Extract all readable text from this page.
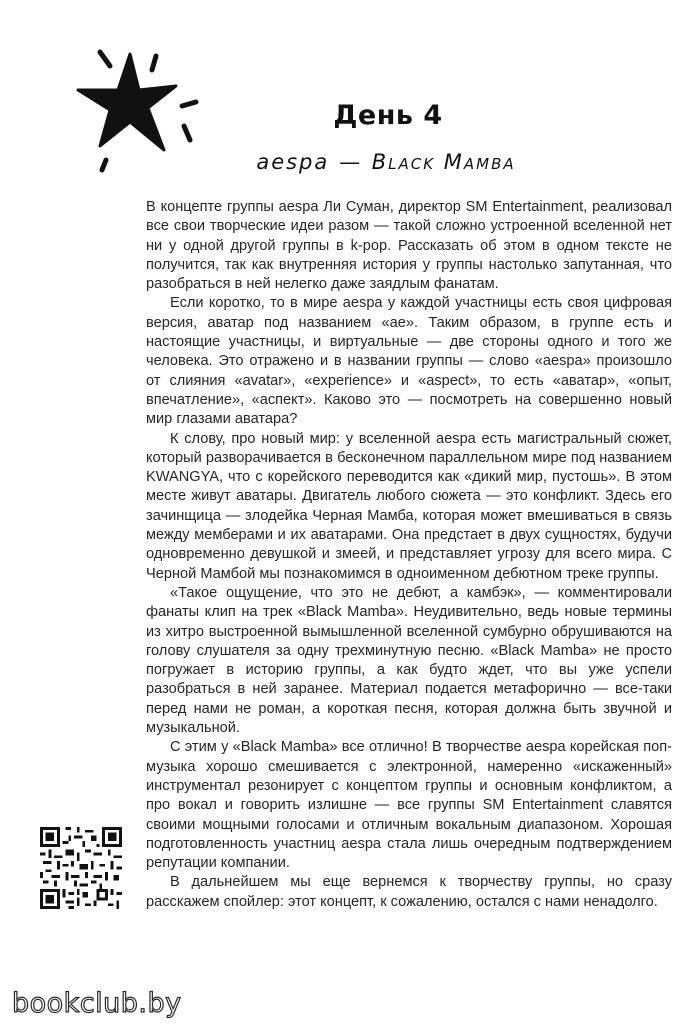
День 4
aespa — Black Mamba

В концепте группы aespa Ли Суман, директор SM Entertainment, реализовал все свои творческие идеи разом — такой сложно устроенной вселенной нет ни у одной другой группы в k-pop. Рассказать об этом в одном тексте не получится, так как внутренняя история у группы настолько запутанная, что разобраться в ней нелегко даже заядлым фанатам.

Если коротко, то в мире aespa у каждой участницы есть своя цифровая версия, аватар под названием «ae». Таким образом, в группе есть и настоящие участницы, и виртуальные — две стороны одного и того же человека. Это отражено и в названии группы — слово «aespa» произошло от слияния «avatar», «experience» и «aspect», то есть «аватар», «опыт, впечатление», «аспект». Каково это — посмотреть на совершенно новый мир глазами аватара?

К слову, про новый мир: у вселенной aespa есть магистральный сюжет, который разворачивается в бесконечном параллельном мире под названием KWANGYA, что с корейского переводится как «дикий мир, пустошь». В этом месте живут аватары. Двигатель любого сюжета — это конфликт. Здесь его зачинщица — злодейка Черная Мамба, которая может вмешиваться в связь между мемберами и их аватарами. Она предстает в двух сущностях, будучи одновременно девушкой и змеей, и представляет угрозу для всего мира. С Черной Мамбой мы познакомимся в одноименном дебютном треке группы.

«Такое ощущение, что это не дебют, а камбэк», — комментировали фанаты клип на трек «Black Mamba». Неудивительно, ведь новые термины из хитро выстроенной вымышленной вселенной сумбурно обрушиваются на голову слушателя за одну трехминутную песню. «Black Mamba» не просто погружает в историю группы, а как будто ждет, что вы уже успели разобраться в ней заранее. Материал подается метафорично — все-таки перед нами не роман, а короткая песня, которая должна быть звучной и музыкальной.

С этим у «Black Mamba» все отлично! В творчестве aespa корейская поп-музыка хорошо смешивается с электронной, намеренно «искаженный» инструментал резонирует с концептом группы и основным конфликтом, а про вокал и говорить излишне — все группы SM Entertainment славятся своими мощными голосами и отличным вокальным диапазоном. Хорошая подготовленность участниц aespa стала лишь очередным подтверждением репутации компании.

В дальнейшем мы еще вернемся к творчеству группы, но сразу расскажем спойлер: этот концепт, к сожалению, остался с нами ненадолго.

bookclub.by
